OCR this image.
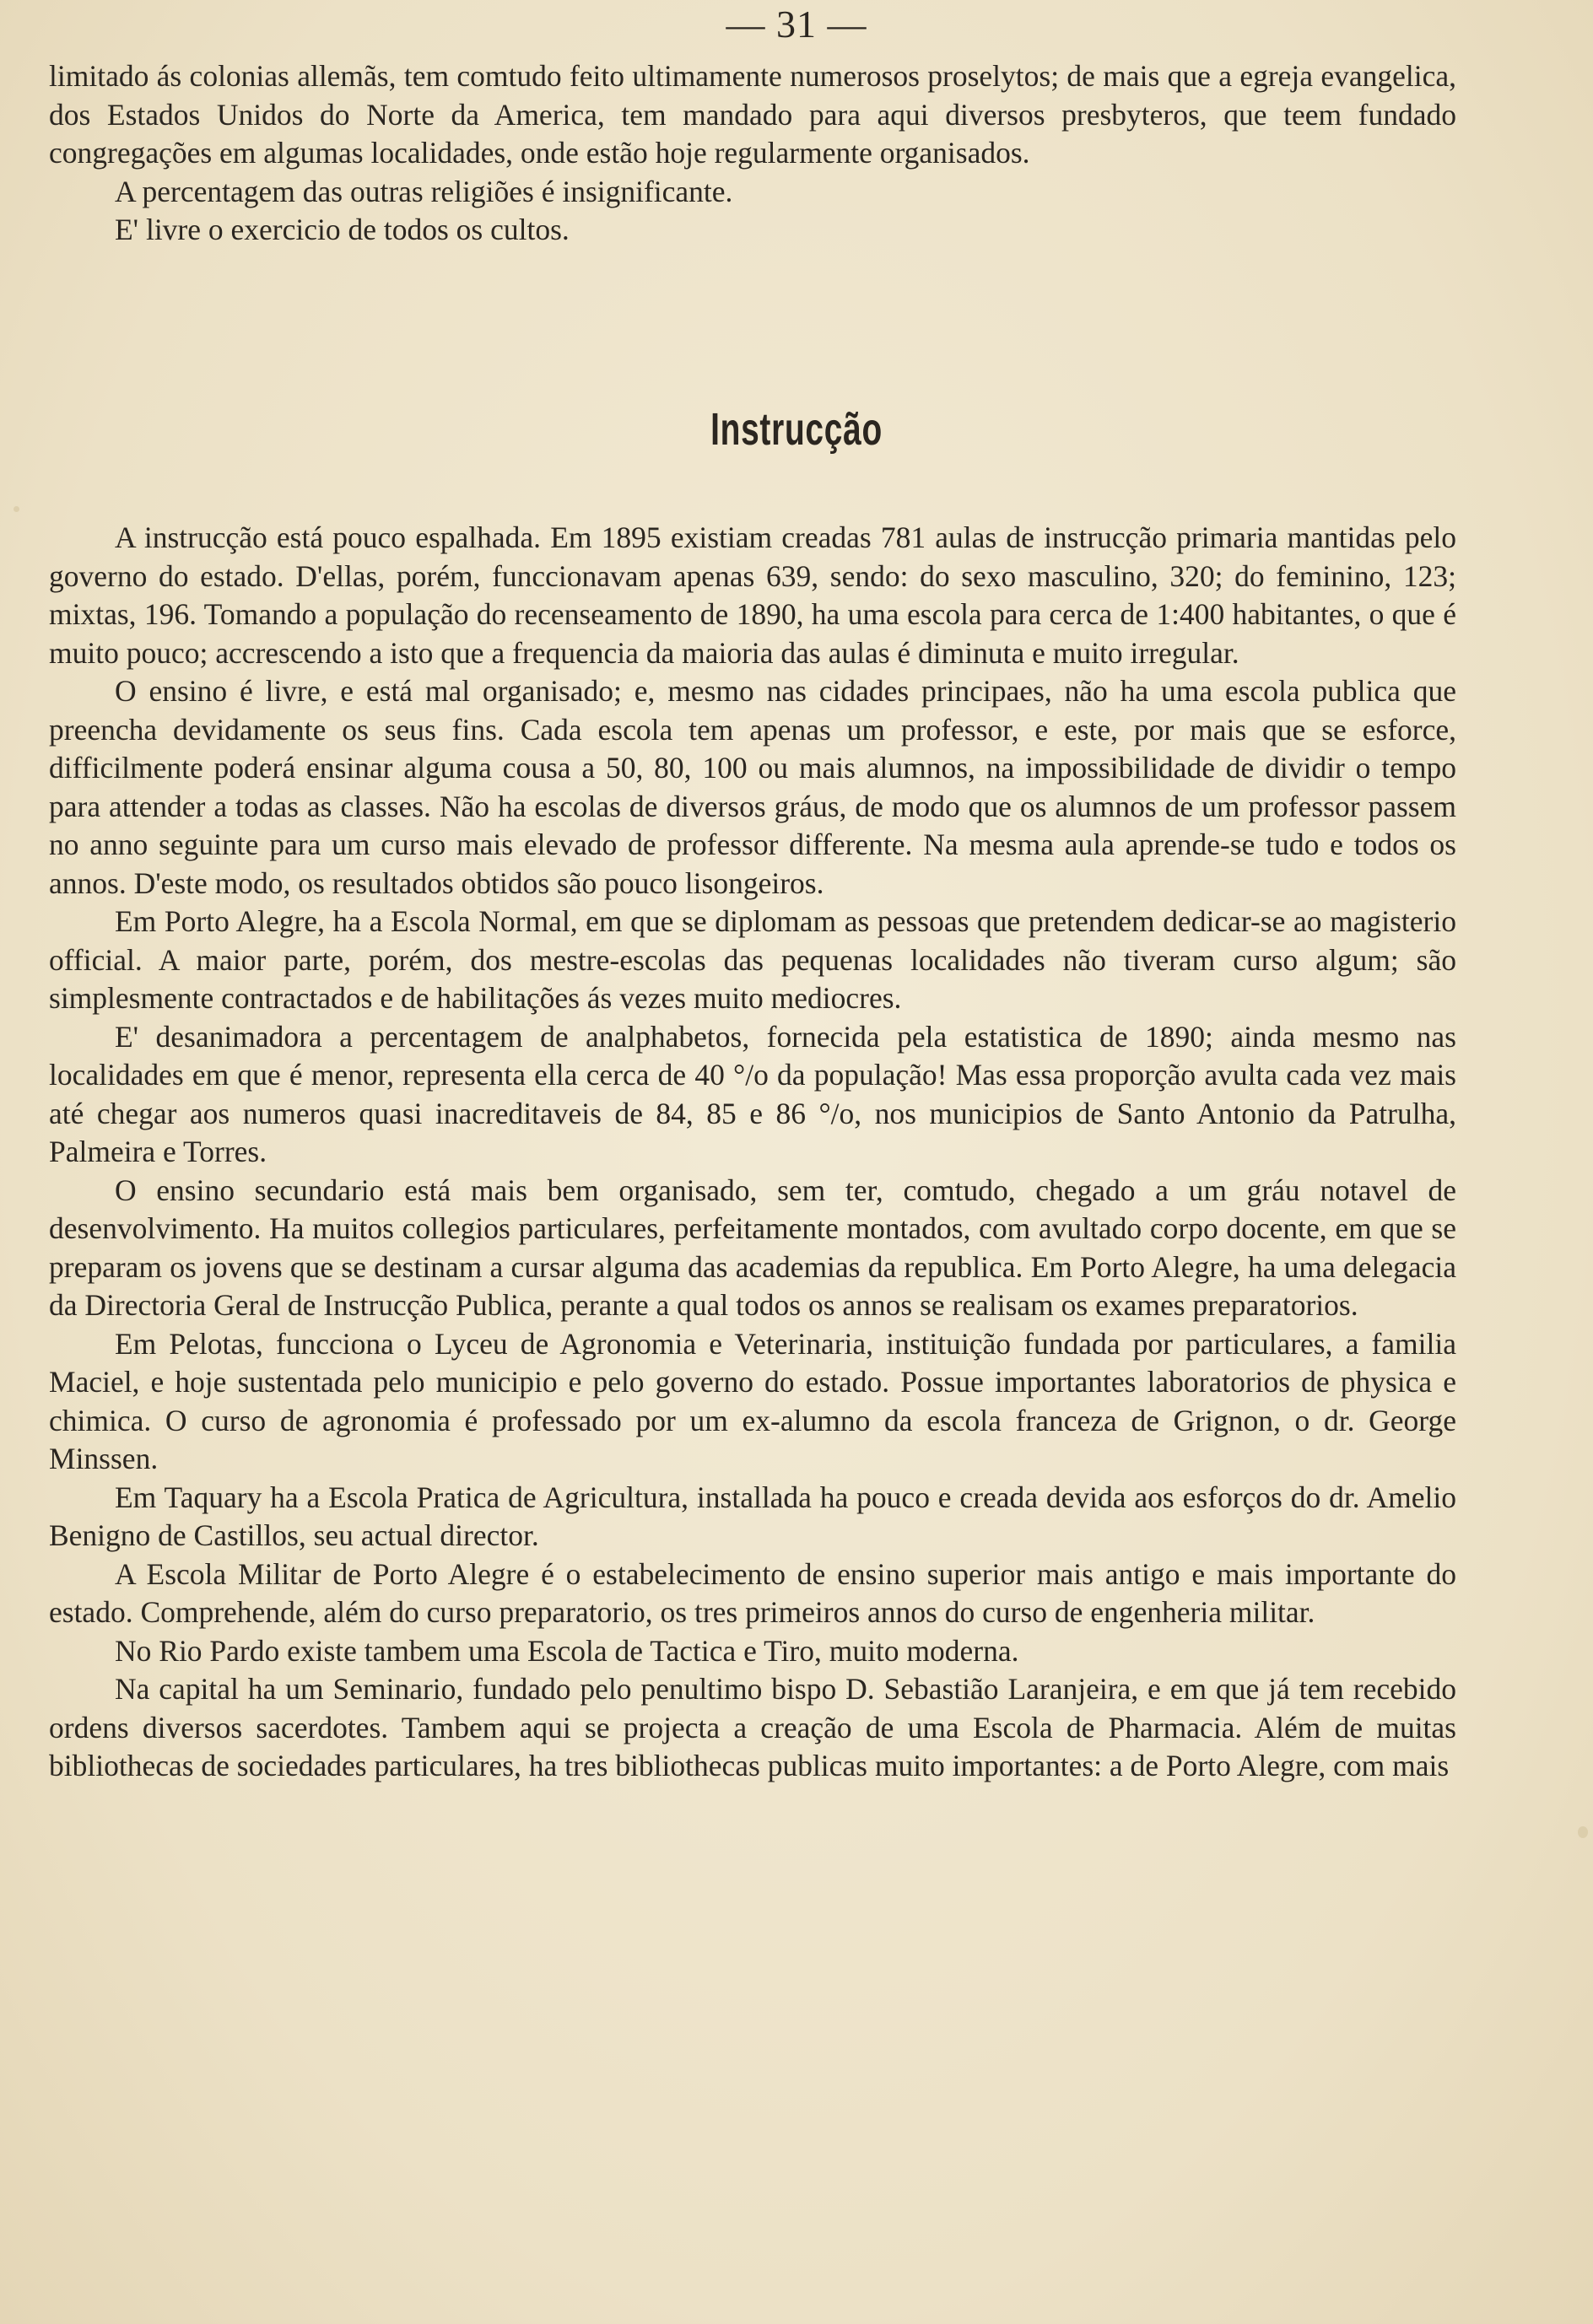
— 31 —

limitado ás colonias allemãs, tem comtudo feito ultimamente numerosos proselytos; de mais que a egreja evangelica, dos Estados Unidos do Norte da America, tem mandado para aqui diversos presbyteros, que teem fundado congregações em algumas localidades, onde estão hoje regularmente organisados.

A percentagem das outras religiões é insignificante.

E' livre o exercicio de todos os cultos.

Instrucção

A instrucção está pouco espalhada. Em 1895 existiam creadas 781 aulas de instrucção primaria mantidas pelo governo do estado. D'ellas, porém, funccionavam apenas 639, sendo: do sexo masculino, 320; do feminino, 123; mixtas, 196. Tomando a população do recenseamento de 1890, ha uma escola para cerca de 1:400 habitantes, o que é muito pouco; accrescendo a isto que a frequencia da maioria das aulas é diminuta e muito irregular.

O ensino é livre, e está mal organisado; e, mesmo nas cidades principaes, não ha uma escola publica que preencha devidamente os seus fins. Cada escola tem apenas um professor, e este, por mais que se esforce, difficilmente poderá ensinar alguma cousa a 50, 80, 100 ou mais alumnos, na impossibilidade de dividir o tempo para attender a todas as classes. Não ha escolas de diversos gráus, de modo que os alumnos de um professor passem no anno seguinte para um curso mais elevado de professor differente. Na mesma aula aprende-se tudo e todos os annos. D'este modo, os resultados obtidos são pouco lisongeiros.

Em Porto Alegre, ha a Escola Normal, em que se diplomam as pessoas que pretendem dedicar-se ao magisterio official. A maior parte, porém, dos mestre-escolas das pequenas localidades não tiveram curso algum; são simplesmente contractados e de habilitações ás vezes muito mediocres.

E' desanimadora a percentagem de analphabetos, fornecida pela estatistica de 1890; ainda mesmo nas localidades em que é menor, representa ella cerca de 40 °/o da população! Mas essa proporção avulta cada vez mais até chegar aos numeros quasi inacreditaveis de 84, 85 e 86 °/o, nos municipios de Santo Antonio da Patrulha, Palmeira e Torres.

O ensino secundario está mais bem organisado, sem ter, comtudo, chegado a um gráu notavel de desenvolvimento. Ha muitos collegios particulares, perfeitamente montados, com avultado corpo docente, em que se preparam os jovens que se destinam a cursar alguma das academias da republica. Em Porto Alegre, ha uma delegacia da Directoria Geral de Instrucção Publica, perante a qual todos os annos se realisam os exames preparatorios.

Em Pelotas, funcciona o Lyceu de Agronomia e Veterinaria, instituição fundada por particulares, a familia Maciel, e hoje sustentada pelo municipio e pelo governo do estado. Possue importantes laboratorios de physica e chimica. O curso de agronomia é professado por um ex-alumno da escola franceza de Grignon, o dr. George Minssen.

Em Taquary ha a Escola Pratica de Agricultura, installada ha pouco e creada devida aos esforços do dr. Amelio Benigno de Castillos, seu actual director.

A Escola Militar de Porto Alegre é o estabelecimento de ensino superior mais antigo e mais importante do estado. Comprehende, além do curso preparatorio, os tres primeiros annos do curso de engenheria militar.

No Rio Pardo existe tambem uma Escola de Tactica e Tiro, muito moderna.

Na capital ha um Seminario, fundado pelo penultimo bispo D. Sebastião Laranjeira, e em que já tem recebido ordens diversos sacerdotes. Tambem aqui se projecta a creação de uma Escola de Pharmacia. Além de muitas bibliothecas de sociedades particulares, ha tres bibliothecas publicas muito importantes: a de Porto Alegre, com mais
